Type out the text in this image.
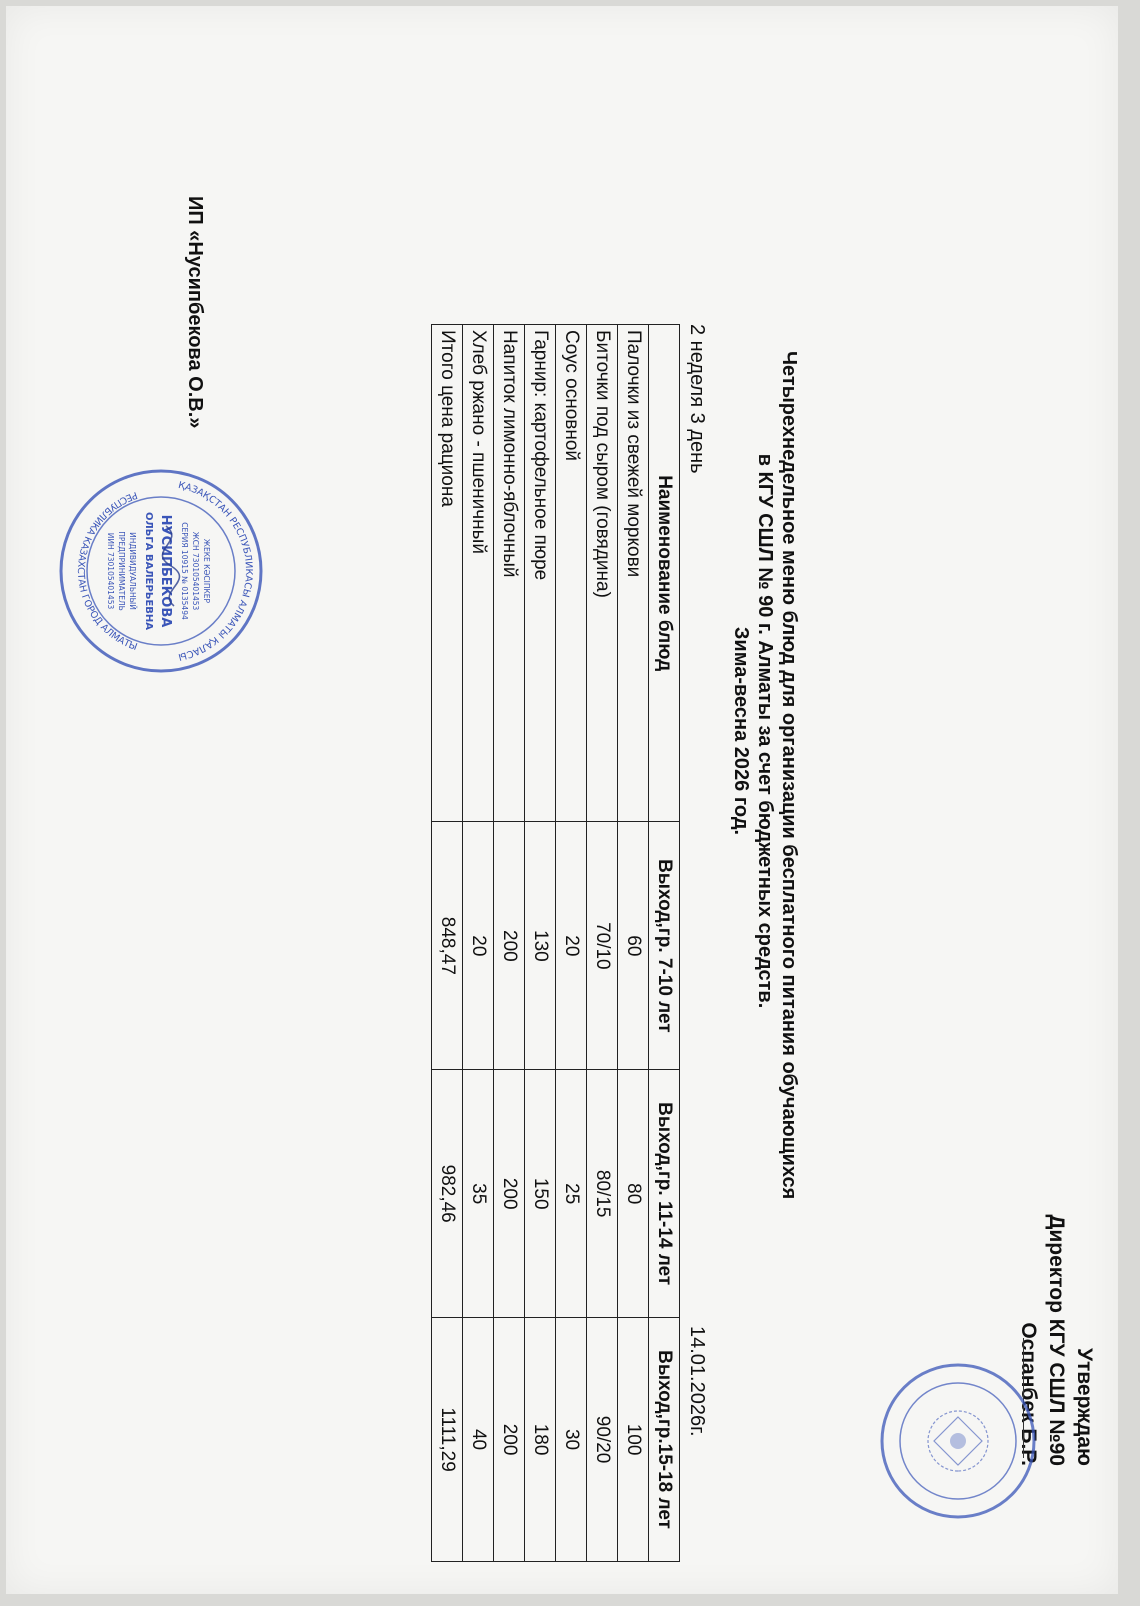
Утверждаю
Директор КГУ СШЛ №90
Оспанбек Б.Р.
Четырехнедельное меню блюд для организации бесплатного питания обучающихся
в КГУ СШЛ № 90 г. Алматы за счет бюджетных средств.
Зима-весна 2026 год.
2 неделя 3 день
14.01.2026г.
Наименование блюд	Выход,гр. 7-10 лет	Выход,гр. 11-14 лет	Выход,гр.15-18 лет
Палочки из свежей моркови	60	80	100
Биточки под сыром (говядина)	70/10	80/15	90/20
Соус основной	20	25	30
Гарнир: картофельное пюре	130	150	180
Напиток лимонно-яблочный	200	200	200
Хлеб ржано - пшеничный	20	35	40
Итого цена рациона	848,47	982,46	1111,29
ИП «Нусипбекова О.В.»
ҚАЗАҚСТАН РЕСПУБЛИКАСЫ АЛМАТЫ ҚАЛАСЫ
РЕСПУБЛИКА КАЗАХСТАН ГОРОД АЛМАТЫ
ЖЕКЕ КӘСІПКЕР
ЖСН 730105401453
СЕРИЯ 10915 № 0135494
НУСИПБЕКОВА
ОЛЬГА ВАЛЕРЬЕВНА
ИНДИВИДУАЛЬНЫЙ
ПРЕДПРИНИМАТЕЛЬ
ИИН 730105401453
